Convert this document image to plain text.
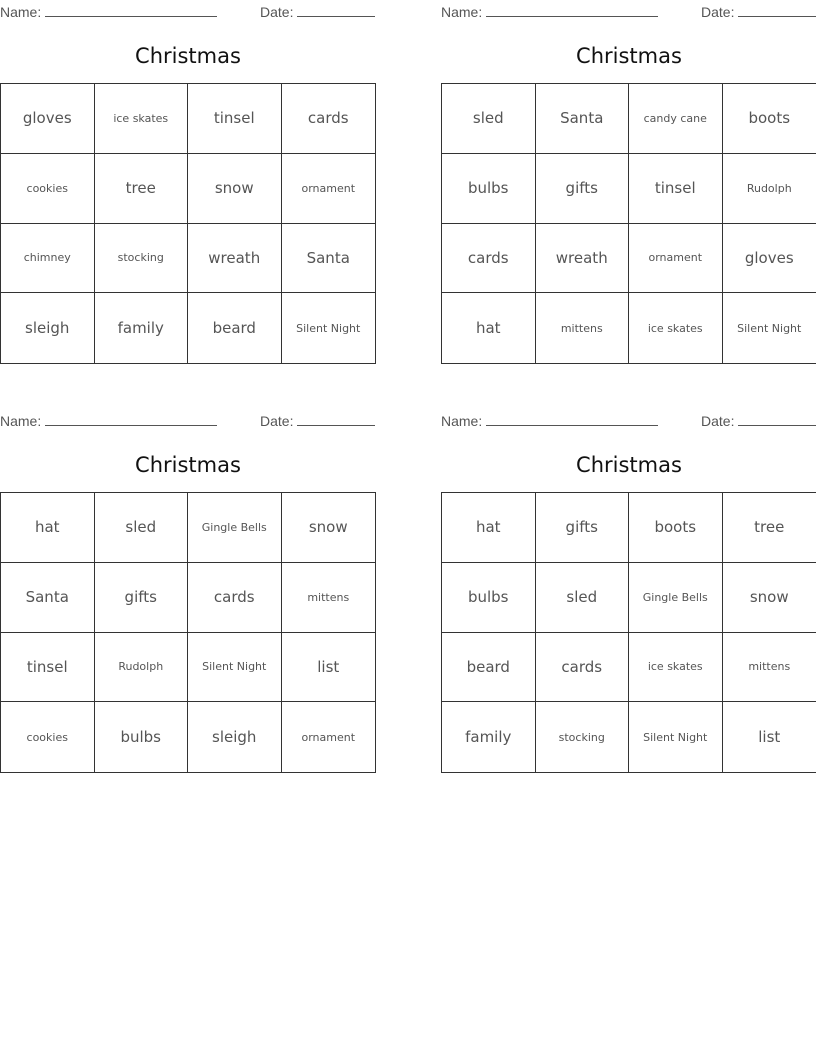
Name:	Date:
Christmas
gloves	ice skates	tinsel	cards
cookies	tree	snow	ornament
chimney	stocking	wreath	Santa
sleigh	family	beard	Silent Night
Name:	Date:
Christmas
sled	Santa	candy cane	boots
bulbs	gifts	tinsel	Rudolph
cards	wreath	ornament	gloves
hat	mittens	ice skates	Silent Night
Name:	Date:
Christmas
hat	sled	Gingle Bells	snow
Santa	gifts	cards	mittens
tinsel	Rudolph	Silent Night	list
cookies	bulbs	sleigh	ornament
Name:	Date:
Christmas
hat	gifts	boots	tree
bulbs	sled	Gingle Bells	snow
beard	cards	ice skates	mittens
family	stocking	Silent Night	list
